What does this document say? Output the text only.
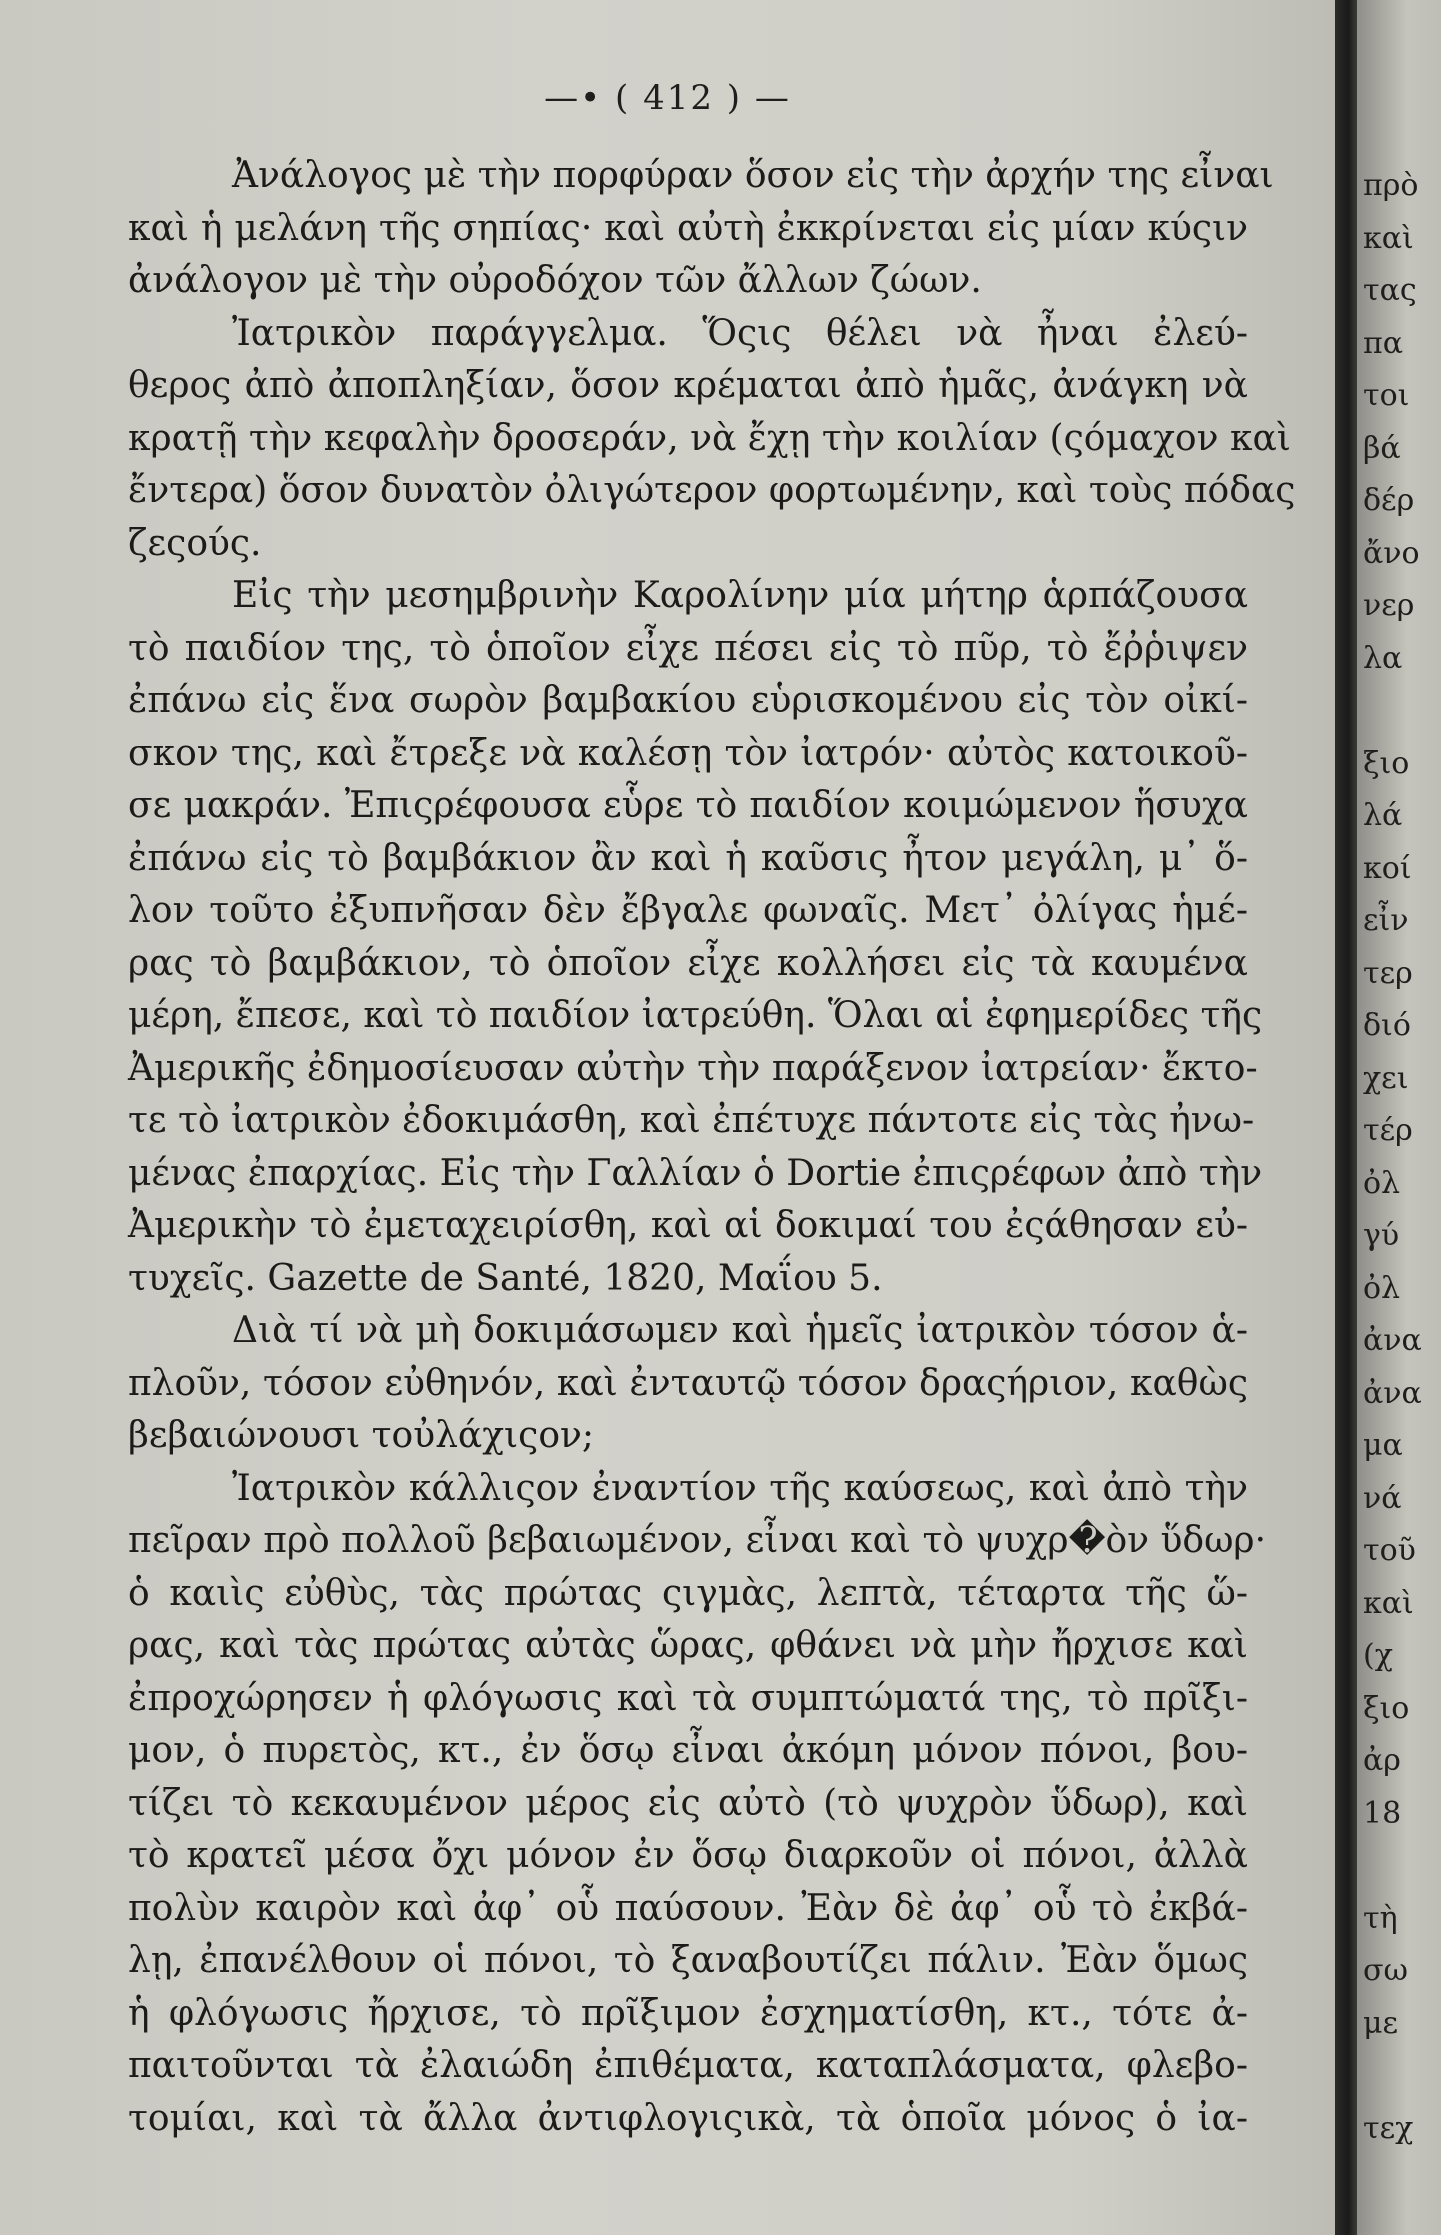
—• ( 412 ) —
Ἀνάλογος μὲ τὴν πορφύραν ὅσον εἰς τὴν ἀρχήν της εἶναι
καὶ ἡ μελάνη τῆς σηπίας· καὶ αὐτὴ ἐκκρίνεται εἰς μίαν κύςιν
ἀνάλογον μὲ τὴν οὐροδόχον τῶν ἄλλων ζώων.
Ἰατρικὸν παράγγελμα. Ὅςις θέλει νὰ ἦναι ἐλεύ-
θερος ἀπὸ ἀποπληξίαν, ὅσον κρέμαται ἀπὸ ἡμᾶς, ἀνάγκη νὰ
κρατῇ τὴν κεφαλὴν δροσεράν, νὰ ἔχῃ τὴν κοιλίαν (ςόμαχον καὶ
ἔντερα) ὅσον δυνατὸν ὀλιγώτερον φορτωμένην, καὶ τοὺς πόδας
ζεςούς.
Εἰς τὴν μεσημβρινὴν Καρολίνην μία μήτηρ ἁρπάζουσα
τὸ παιδίον της, τὸ ὁποῖον εἶχε πέσει εἰς τὸ πῦρ, τὸ ἔῤῥιψεν
ἐπάνω εἰς ἕνα σωρὸν βαμβακίου εὑρισκομένου εἰς τὸν οἰκί-
σκον της, καὶ ἔτρεξε νὰ καλέσῃ τὸν ἰατρόν· αὐτὸς κατοικοῦ-
σε μακράν. Ἐπιςρέφουσα εὗρε τὸ παιδίον κοιμώμενον ἥσυχα
ἐπάνω εἰς τὸ βαμβάκιον ἂν καὶ ἡ καῦσις ἦτον μεγάλη, μ᾽ ὅ-
λον τοῦτο ἐξυπνῆσαν δὲν ἔβγαλε φωναῖς. Μετ᾽ ὀλίγας ἡμέ-
ρας τὸ βαμβάκιον, τὸ ὁποῖον εἶχε κολλήσει εἰς τὰ καυμένα
μέρη, ἔπεσε, καὶ τὸ παιδίον ἰατρεύθη. Ὅλαι αἱ ἐφημερίδες τῆς
Ἀμερικῆς ἐδημοσίευσαν αὐτὴν τὴν παράξενον ἰατρείαν· ἔκτο-
τε τὸ ἰατρικὸν ἐδοκιμάσθη, καὶ ἐπέτυχε πάντοτε εἰς τὰς ἠνω-
μένας ἐπαρχίας. Εἰς τὴν Γαλλίαν ὁ Dortie ἐπιςρέφων ἀπὸ τὴν
Ἀμερικὴν τὸ ἐμεταχειρίσθη, καὶ αἱ δοκιμαί του ἐςάθησαν εὐ-
τυχεῖς. Gazette de Santé, 1820, Μαΐου 5.
Διὰ τί νὰ μὴ δοκιμάσωμεν καὶ ἡμεῖς ἰατρικὸν τόσον ἁ-
πλοῦν, τόσον εὐθηνόν, καὶ ἐνταυτῷ τόσον δραςήριον, καθὼς
βεβαιώνουσι τοὐλάχιςον;
Ἰατρικὸν κάλλιςον ἐναντίον τῆς καύσεως, καὶ ἀπὸ τὴν
πεῖραν πρὸ πολλοῦ βεβαιωμένον, εἶναι καὶ τὸ ψυχρ�ὸν ὕδωρ·
ὁ καιὶς εὐθὺς, τὰς πρώτας ςιγμὰς, λεπτὰ, τέταρτα τῆς ὥ-
ρας, καὶ τὰς πρώτας αὐτὰς ὥρας, φθάνει νὰ μὴν ἤρχισε καὶ
ἐπροχώρησεν ἡ φλόγωσις καὶ τὰ συμπτώματά της, τὸ πρῖξι-
μον, ὁ πυρετὸς, κτ., ἐν ὅσῳ εἶναι ἀκόμη μόνον πόνοι, βου-
τίζει τὸ κεκαυμένον μέρος εἰς αὐτὸ (τὸ ψυχρὸν ὕδωρ), καὶ
τὸ κρατεῖ μέσα ὄχι μόνον ἐν ὅσῳ διαρκοῦν οἱ πόνοι, ἀλλὰ
πολὺν καιρὸν καὶ ἀφ᾽ οὗ παύσουν. Ἐὰν δὲ ἀφ᾽ οὗ τὸ ἐκβά-
λῃ, ἐπανέλθουν οἱ πόνοι, τὸ ξαναβουτίζει πάλιν. Ἐὰν ὅμως
ἡ φλόγωσις ἤρχισε, τὸ πρῖξιμον ἐσχηματίσθη, κτ., τότε ἀ-
παιτοῦνται τὰ ἐλαιώδη ἐπιθέματα, καταπλάσματα, φλεβο-
τομίαι, καὶ τὰ ἄλλα ἀντιφλογιςικὰ, τὰ ὁποῖα μόνος ὁ ἰα-
πρὸ
καὶ
τας
πα
τοι
βά
δέρ
ἄνο
νερ
λα

ξιο
λά
κοί
εἶν
τερ
διό
χει
τέρ
ὀλ
γύ
ὀλ
ἀνα
ἀνα
μα
νά
τοῦ
καὶ
(χ
ξιο
ἀρ
18

τὴ
σω
με

τεχ
